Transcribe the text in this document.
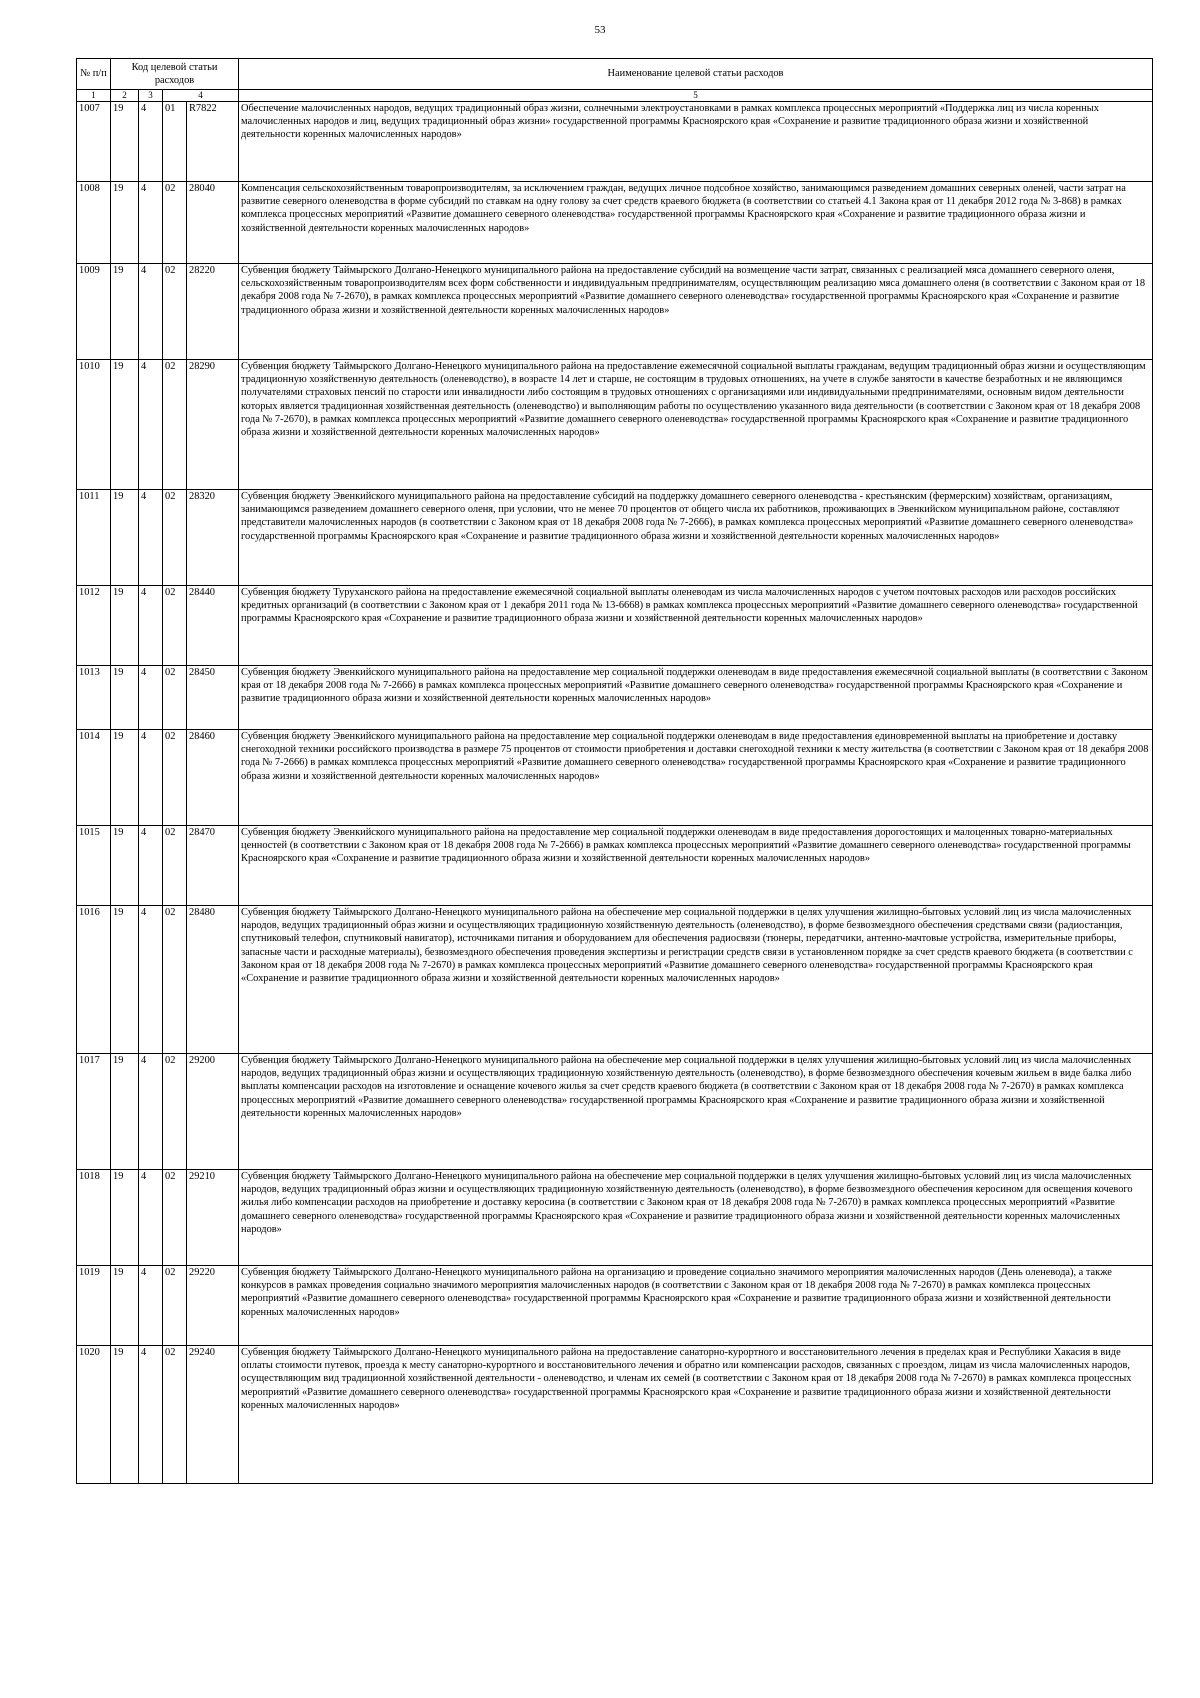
53
№ п/п	Код целевой статьи расходов				Наименование целевой статьи расходов

1	2	3	4		5
1007	19	4	01	R7822	Обеспечение малочисленных народов, ведущих традиционный образ жизни, солнечными электроустановками в рамках комплекса процессных мероприятий «Поддержка лиц из числа коренных малочисленных народов и лиц, ведущих традиционный образ жизни» государственной программы Красноярского края «Сохранение и развитие традиционного образа жизни и хозяйственной деятельности коренных малочисленных народов»
1008	19	4	02	28040	Компенсация сельскохозяйственным товаропроизводителям, за исключением граждан, ведущих личное подсобное хозяйство, занимающимся разведением домашних северных оленей, части затрат на развитие северного оленеводства в форме субсидий по ставкам на одну голову за счет средств краевого бюджета (в соответствии со статьей 4.1 Закона края от 11 декабря 2012 года № 3-868) в рамках комплекса процессных мероприятий «Развитие домашнего северного оленеводства» государственной программы Красноярского края «Сохранение и развитие традиционного образа жизни и хозяйственной деятельности коренных малочисленных народов»
1009	19	4	02	28220	Субвенция бюджету Таймырского Долгано-Ненецкого муниципального района на предоставление субсидий на возмещение части затрат, связанных с реализацией мяса домашнего северного оленя, сельскохозяйственным товаропроизводителям всех форм собственности и индивидуальным предпринимателям, осуществляющим реализацию мяса домашнего оленя (в соответствии с Законом края от 18 декабря 2008 года № 7-2670), в рамках комплекса процессных мероприятий «Развитие домашнего северного оленеводства» государственной программы Красноярского края «Сохранение и развитие традиционного образа жизни и хозяйственной деятельности коренных малочисленных народов»
1010	19	4	02	28290	Субвенция бюджету Таймырского Долгано-Ненецкого муниципального района на предоставление ежемесячной социальной выплаты гражданам, ведущим традиционный образ жизни и осуществляющим традиционную хозяйственную деятельность (оленеводство), в возрасте 14 лет и старше, не состоящим в трудовых отношениях, на учете в службе занятости в качестве безработных и не являющимся получателями страховых пенсий по старости или инвалидности либо состоящим в трудовых отношениях с организациями или индивидуальными предпринимателями, основным видом деятельности которых является традиционная хозяйственная деятельность (оленеводство) и выполняющим работы по осуществлению указанного вида деятельности (в соответствии с Законом края от 18 декабря 2008 года № 7-2670), в рамках комплекса процессных мероприятий «Развитие домашнего северного оленеводства» государственной программы Красноярского края «Сохранение и развитие традиционного образа жизни и хозяйственной деятельности коренных малочисленных народов»
1011	19	4	02	28320	Субвенция бюджету Эвенкийского муниципального района на предоставление субсидий на поддержку домашнего северного оленеводства - крестьянским (фермерским) хозяйствам, организациям, занимающимся разведением домашнего северного оленя, при условии, что не менее 70 процентов от общего числа их работников, проживающих в Эвенкийском муниципальном районе, составляют представители малочисленных народов (в соответствии с Законом края от 18 декабря 2008 года № 7-2666), в рамках комплекса процессных мероприятий «Развитие домашнего северного оленеводства» государственной программы Красноярского края «Сохранение и развитие традиционного образа жизни и хозяйственной деятельности коренных малочисленных народов»
1012	19	4	02	28440	Субвенция бюджету Туруханского района на предоставление ежемесячной социальной выплаты оленеводам из числа малочисленных народов с учетом почтовых расходов или расходов российских кредитных организаций (в соответствии с Законом края от 1 декабря 2011 года № 13-6668) в рамках комплекса процессных мероприятий «Развитие домашнего северного оленеводства» государственной программы Красноярского края «Сохранение и развитие традиционного образа жизни и хозяйственной деятельности коренных малочисленных народов»
1013	19	4	02	28450	Субвенция бюджету Эвенкийского муниципального района на предоставление мер социальной поддержки оленеводам в виде предоставления ежемесячной социальной выплаты (в соответствии с Законом края от 18 декабря 2008 года № 7-2666) в рамках комплекса процессных мероприятий «Развитие домашнего северного оленеводства» государственной программы Красноярского края «Сохранение и развитие традиционного образа жизни и хозяйственной деятельности коренных малочисленных народов»
1014	19	4	02	28460	Субвенция бюджету Эвенкийского муниципального района на предоставление мер социальной поддержки оленеводам в виде предоставления единовременной выплаты на приобретение и доставку снегоходной техники российского производства в размере 75 процентов от стоимости приобретения и доставки снегоходной техники к месту жительства (в соответствии с Законом края от 18 декабря 2008 года № 7-2666) в рамках комплекса процессных мероприятий «Развитие домашнего северного оленеводства» государственной программы Красноярского края «Сохранение и развитие традиционного образа жизни и хозяйственной деятельности коренных малочисленных народов»
1015	19	4	02	28470	Субвенция бюджету Эвенкийского муниципального района на предоставление мер социальной поддержки оленеводам в виде предоставления дорогостоящих и малоценных товарно-материальных ценностей (в соответствии с Законом края от 18 декабря 2008 года № 7-2666) в рамках комплекса процессных мероприятий «Развитие домашнего северного оленеводства» государственной программы Красноярского края «Сохранение и развитие традиционного образа жизни и хозяйственной деятельности коренных малочисленных народов»
1016	19	4	02	28480	Субвенция бюджету Таймырского Долгано-Ненецкого муниципального района на обеспечение мер социальной поддержки в целях улучшения жилищно-бытовых условий лиц из числа малочисленных народов, ведущих традиционный образ жизни и осуществляющих традиционную хозяйственную деятельность (оленеводство), в форме безвозмездного обеспечения средствами связи (радиостанция, спутниковый телефон, спутниковый навигатор), источниками питания и оборудованием для обеспечения радиосвязи (тюнеры, передатчики, антенно-мачтовые устройства, измерительные приборы, запасные части и расходные материалы), безвозмездного обеспечения проведения экспертизы и регистрации средств связи в установленном порядке за счет средств краевого бюджета (в соответствии с Законом края от 18 декабря 2008 года № 7-2670) в рамках комплекса процессных мероприятий «Развитие домашнего северного оленеводства» государственной программы Красноярского края «Сохранение и развитие традиционного образа жизни и хозяйственной деятельности коренных малочисленных народов»
1017	19	4	02	29200	Субвенция бюджету Таймырского Долгано-Ненецкого муниципального района на обеспечение мер социальной поддержки в целях улучшения жилищно-бытовых условий лиц из числа малочисленных народов, ведущих традиционный образ жизни и осуществляющих традиционную хозяйственную деятельность (оленеводство), в форме безвозмездного обеспечения кочевым жильем в виде балка либо выплаты компенсации расходов на изготовление и оснащение кочевого жилья за счет средств краевого бюджета (в соответствии с Законом края от 18 декабря 2008 года № 7-2670) в рамках комплекса процессных мероприятий «Развитие домашнего северного оленеводства» государственной программы Красноярского края «Сохранение и развитие традиционного образа жизни и хозяйственной деятельности коренных малочисленных народов»
1018	19	4	02	29210	Субвенция бюджету Таймырского Долгано-Ненецкого муниципального района на обеспечение мер социальной поддержки в целях улучшения жилищно-бытовых условий лиц из числа малочисленных народов, ведущих традиционный образ жизни и осуществляющих традиционную хозяйственную деятельность (оленеводство), в форме безвозмездного обеспечения керосином для освещения кочевого жилья либо компенсации расходов на приобретение и доставку керосина (в соответствии с Законом края от 18 декабря 2008 года № 7-2670) в рамках комплекса процессных мероприятий «Развитие домашнего северного оленеводства» государственной программы Красноярского края «Сохранение и развитие традиционного образа жизни и хозяйственной деятельности коренных малочисленных народов»
1019	19	4	02	29220	Субвенция бюджету Таймырского Долгано-Ненецкого муниципального района на организацию и проведение социально значимого мероприятия малочисленных народов (День оленевода), а также конкурсов в рамках проведения социально значимого мероприятия малочисленных народов (в соответствии с Законом края от 18 декабря 2008 года № 7-2670) в рамках комплекса процессных мероприятий «Развитие домашнего северного оленеводства» государственной программы Красноярского края «Сохранение и развитие традиционного образа жизни и хозяйственной деятельности коренных малочисленных народов»
1020	19	4	02	29240	Субвенция бюджету Таймырского Долгано-Ненецкого муниципального района на предоставление санаторно-курортного и восстановительного лечения в пределах края и Республики Хакасия в виде оплаты стоимости путевок, проезда к месту санаторно-курортного и восстановительного лечения и обратно или компенсации расходов, связанных с проездом, лицам из числа малочисленных народов, осуществляющим вид традиционной хозяйственной деятельности - оленеводство, и членам их семей (в соответствии с Законом края от 18 декабря 2008 года № 7-2670) в рамках комплекса процессных мероприятий «Развитие домашнего северного оленеводства» государственной программы Красноярского края «Сохранение и развитие традиционного образа жизни и хозяйственной деятельности коренных малочисленных народов»
